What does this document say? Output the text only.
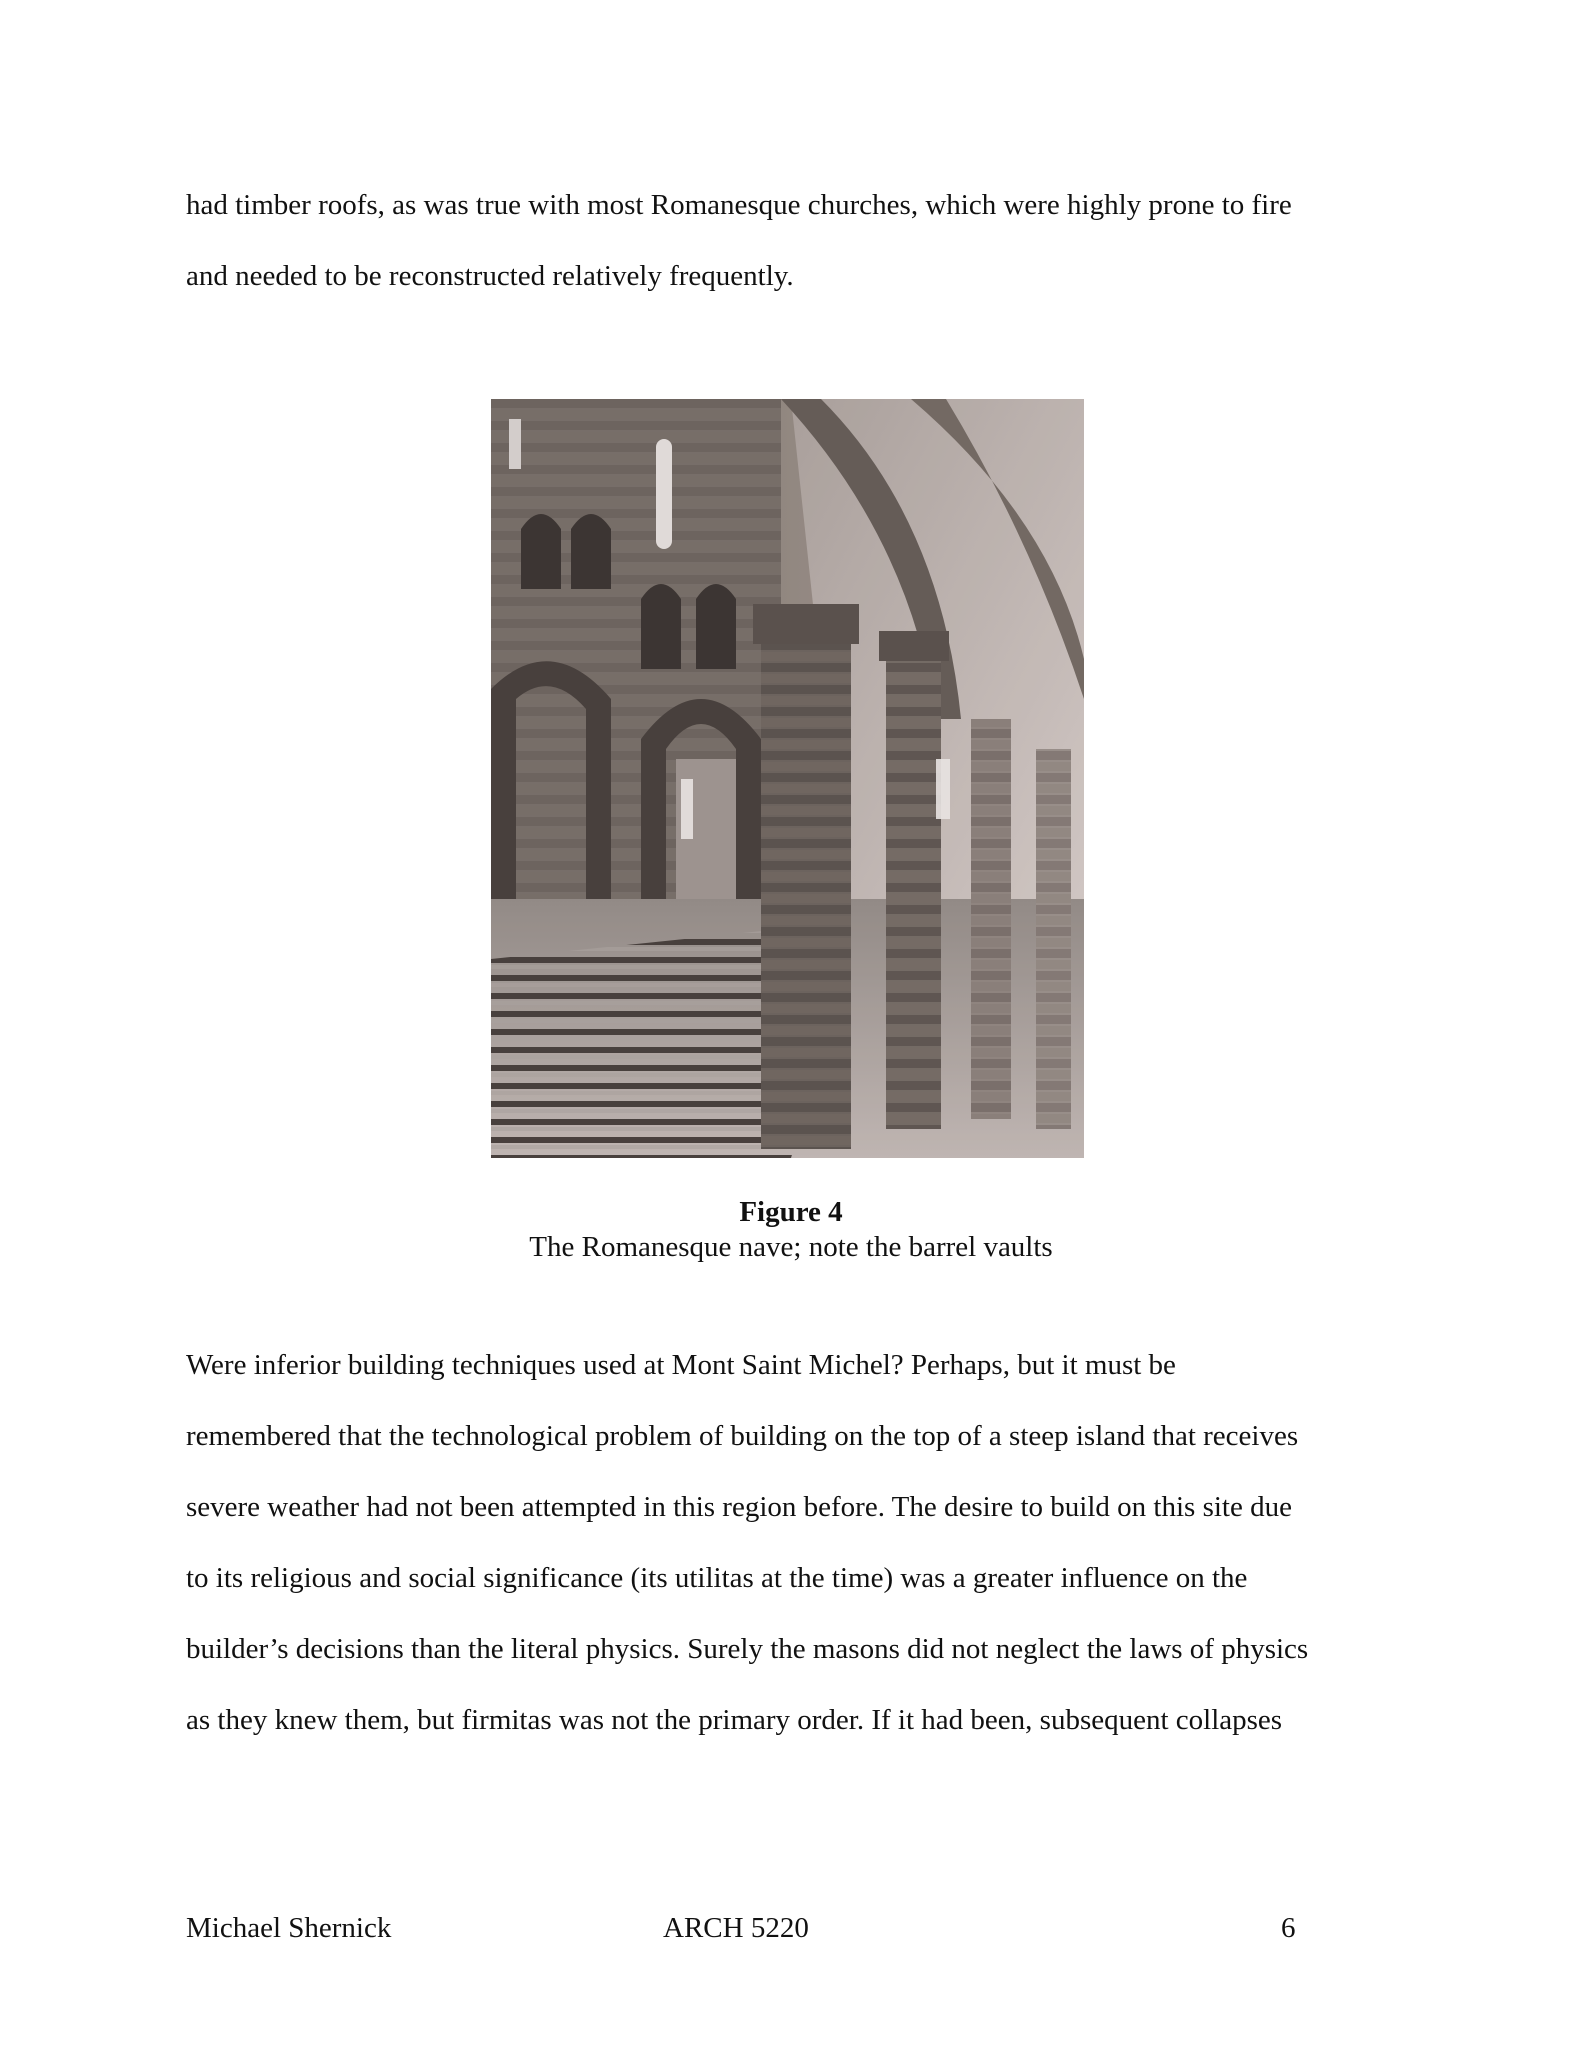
had timber roofs, as was true with most Romanesque churches, which were highly prone to fire
and needed to be reconstructed relatively frequently.

Figure 4
The Romanesque nave; note the barrel vaults

Were inferior building techniques used at Mont Saint Michel? Perhaps, but it must be
remembered that the technological problem of building on the top of a steep island that receives
severe weather had not been attempted in this region before. The desire to build on this site due
to its religious and social significance (its utilitas at the time) was a greater influence on the
builder’s decisions than the literal physics. Surely the masons did not neglect the laws of physics
as they knew them, but firmitas was not the primary order. If it had been, subsequent collapses

Michael Shernick	ARCH 5220	6
